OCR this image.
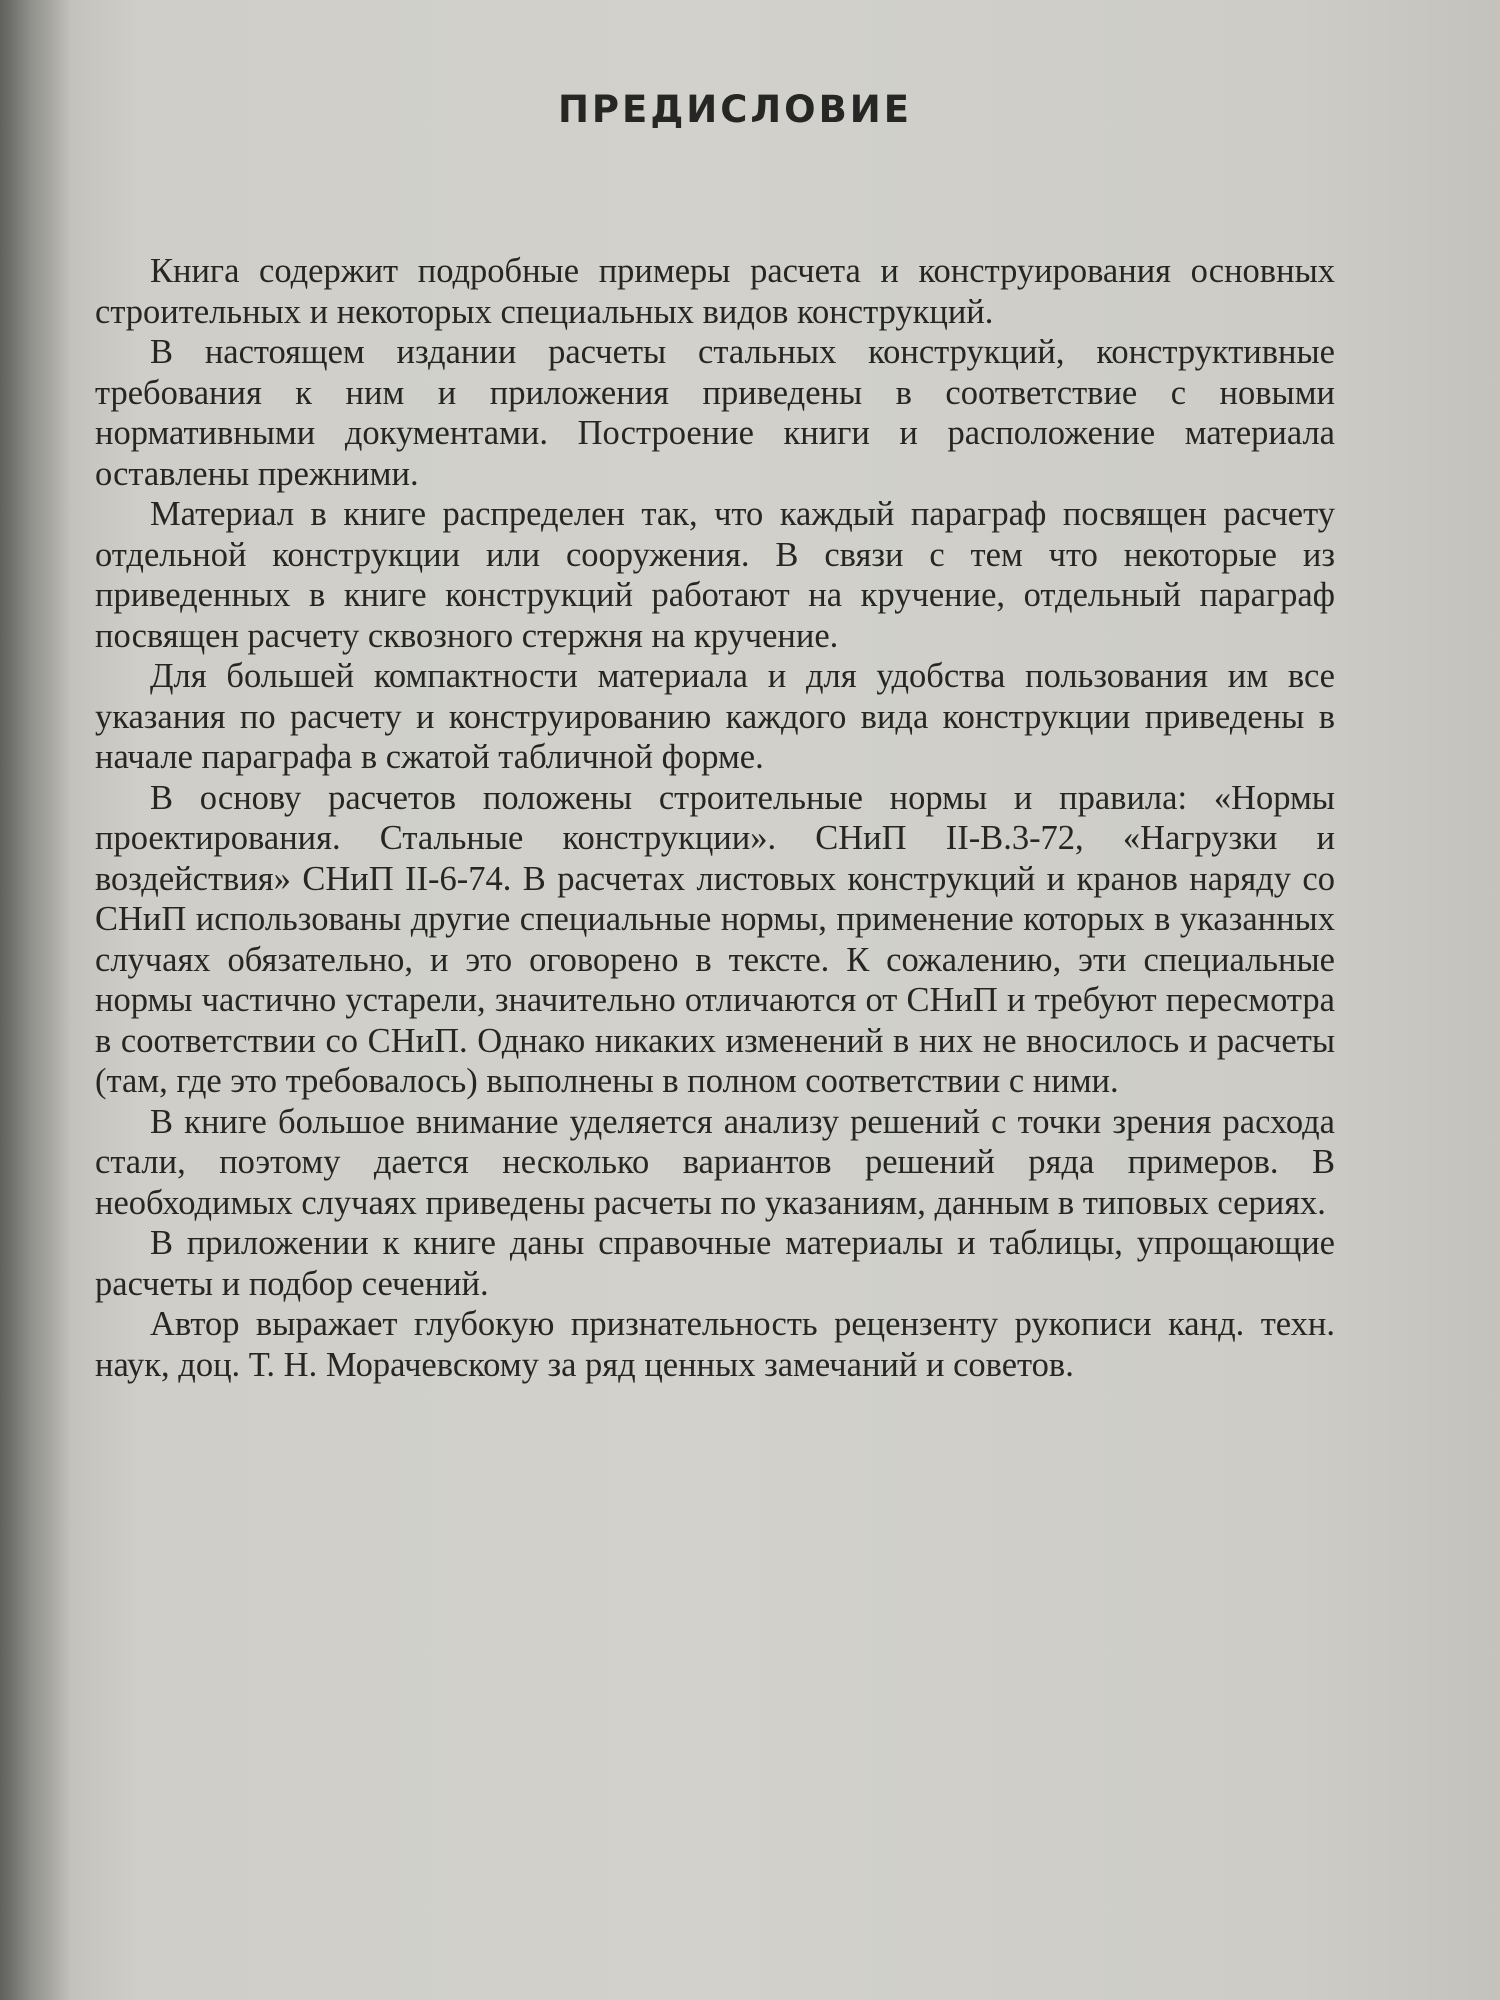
ПРЕДИСЛОВИЕ

Книга содержит подробные примеры расчета и конструирования основных строительных и некоторых специальных видов конструкций.

В настоящем издании расчеты стальных конструкций, конструктивные требования к ним и приложения приведены в соответствие с новыми нормативными документами. Построение книги и расположение материала оставлены прежними.

Материал в книге распределен так, что каждый параграф посвящен расчету отдельной конструкции или сооружения. В связи с тем что некоторые из приведенных в книге конструкций работают на кручение, отдельный параграф посвящен расчету сквозного стержня на кручение.

Для большей компактности материала и для удобства пользования им все указания по расчету и конструированию каждого вида конструкции приведены в начале параграфа в сжатой табличной форме.

В основу расчетов положены строительные нормы и правила: «Нормы проектирования. Стальные конструкции». СНиП II-В.3-72, «Нагрузки и воздействия» СНиП II-6-74. В расчетах листовых конструкций и кранов наряду со СНиП использованы другие специальные нормы, применение которых в указанных случаях обязательно, и это оговорено в тексте. К сожалению, эти специальные нормы частично устарели, значительно отличаются от СНиП и требуют пересмотра в соответствии со СНиП. Однако никаких изменений в них не вносилось и расчеты (там, где это требовалось) выполнены в полном соответствии с ними.

В книге большое внимание уделяется анализу решений с точки зрения расхода стали, поэтому дается несколько вариантов решений ряда примеров. В необходимых случаях приведены расчеты по указаниям, данным в типовых сериях.

В приложении к книге даны справочные материалы и таблицы, упрощающие расчеты и подбор сечений.

Автор выражает глубокую признательность рецензенту рукописи канд. техн. наук, доц. Т. Н. Морачевскому за ряд ценных замечаний и советов.
